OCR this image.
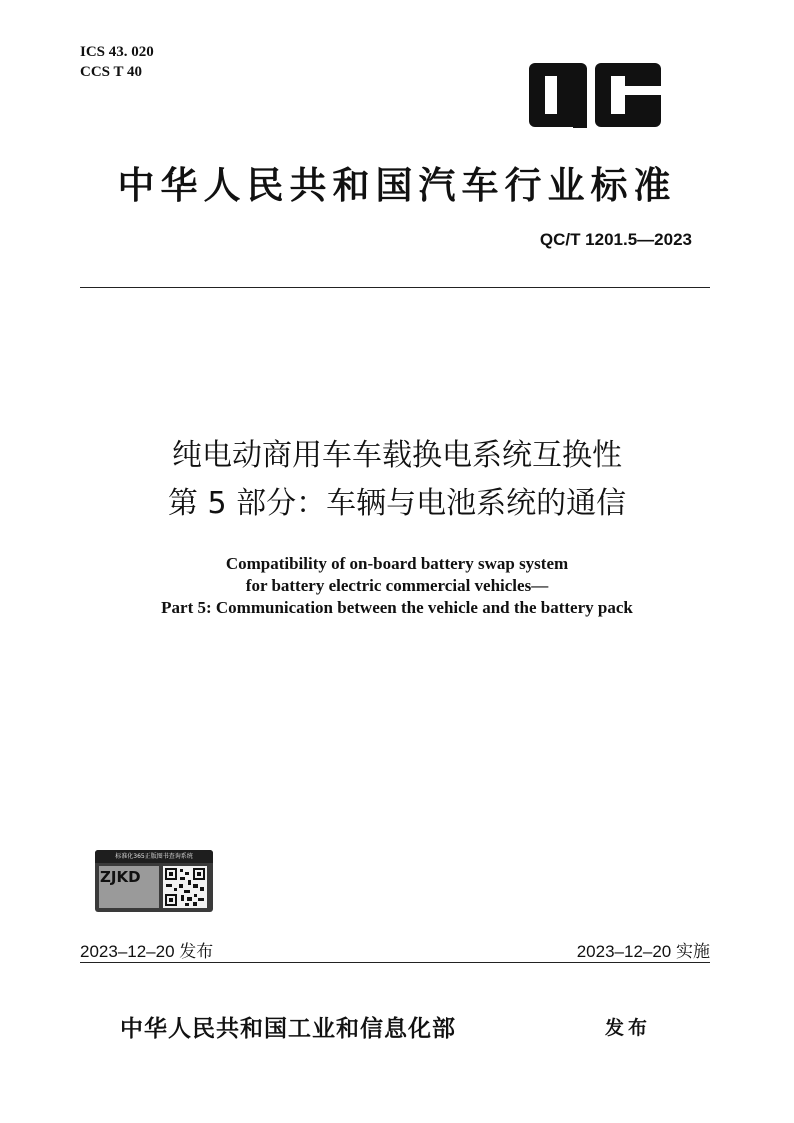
ICS 43. 020
CCS T 40
中华人民共和国汽车行业标准
QC/T 1201.5—2023
纯电动商用车车载换电系统互换性
第 5 部分：车辆与电池系统的通信
Compatibility of on-board battery swap system
for battery electric commercial vehicles—
Part 5: Communication between the vehicle and the battery pack
标准化365正版图书查询系统
ZJKD
2023–12–20 发布	2023–12–20 实施
中华人民共和国工业和信息化部	发布
